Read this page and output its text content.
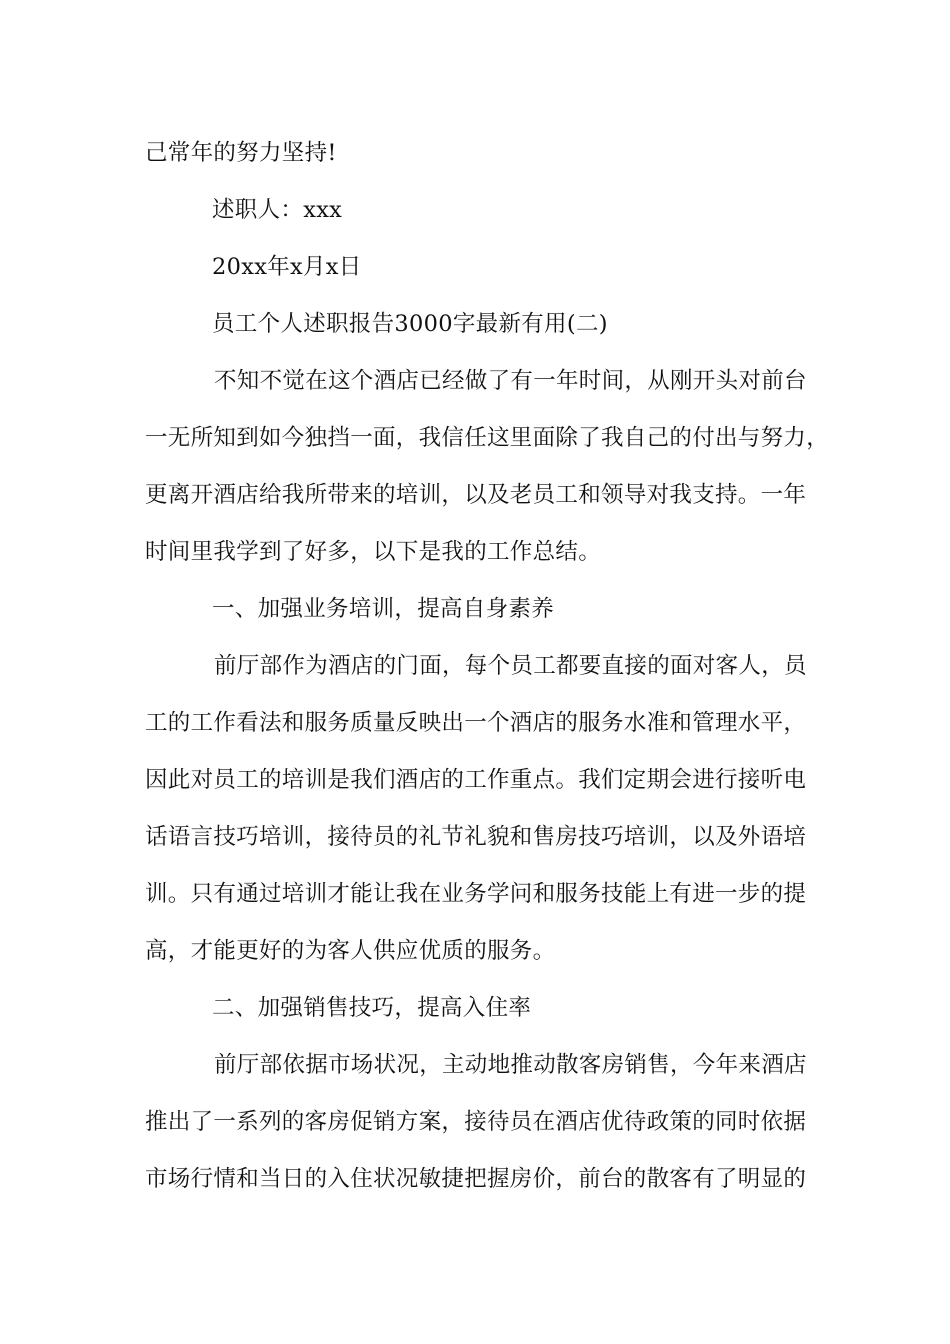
己常年的努力坚持!
述职人：xxx
20xx年x月x日
员工个人述职报告3000字最新有用(二)
不知不觉在这个酒店已经做了有一年时间，从刚开头对前台
一无所知到如今独挡一面，我信任这里面除了我自己的付出与努力，
更离开酒店给我所带来的培训，以及老员工和领导对我支持。一年
时间里我学到了好多，以下是我的工作总结。
一、加强业务培训，提高自身素养
前厅部作为酒店的门面，每个员工都要直接的面对客人，员
工的工作看法和服务质量反映出一个酒店的服务水准和管理水平，
因此对员工的培训是我们酒店的工作重点。我们定期会进行接听电
话语言技巧培训，接待员的礼节礼貌和售房技巧培训，以及外语培
训。只有通过培训才能让我在业务学问和服务技能上有进一步的提
高，才能更好的为客人供应优质的服务。
二、加强销售技巧，提高入住率
前厅部依据市场状况，主动地推动散客房销售，今年来酒店
推出了一系列的客房促销方案，接待员在酒店优待政策的同时依据
市场行情和当日的入住状况敏捷把握房价，前台的散客有了明显的
